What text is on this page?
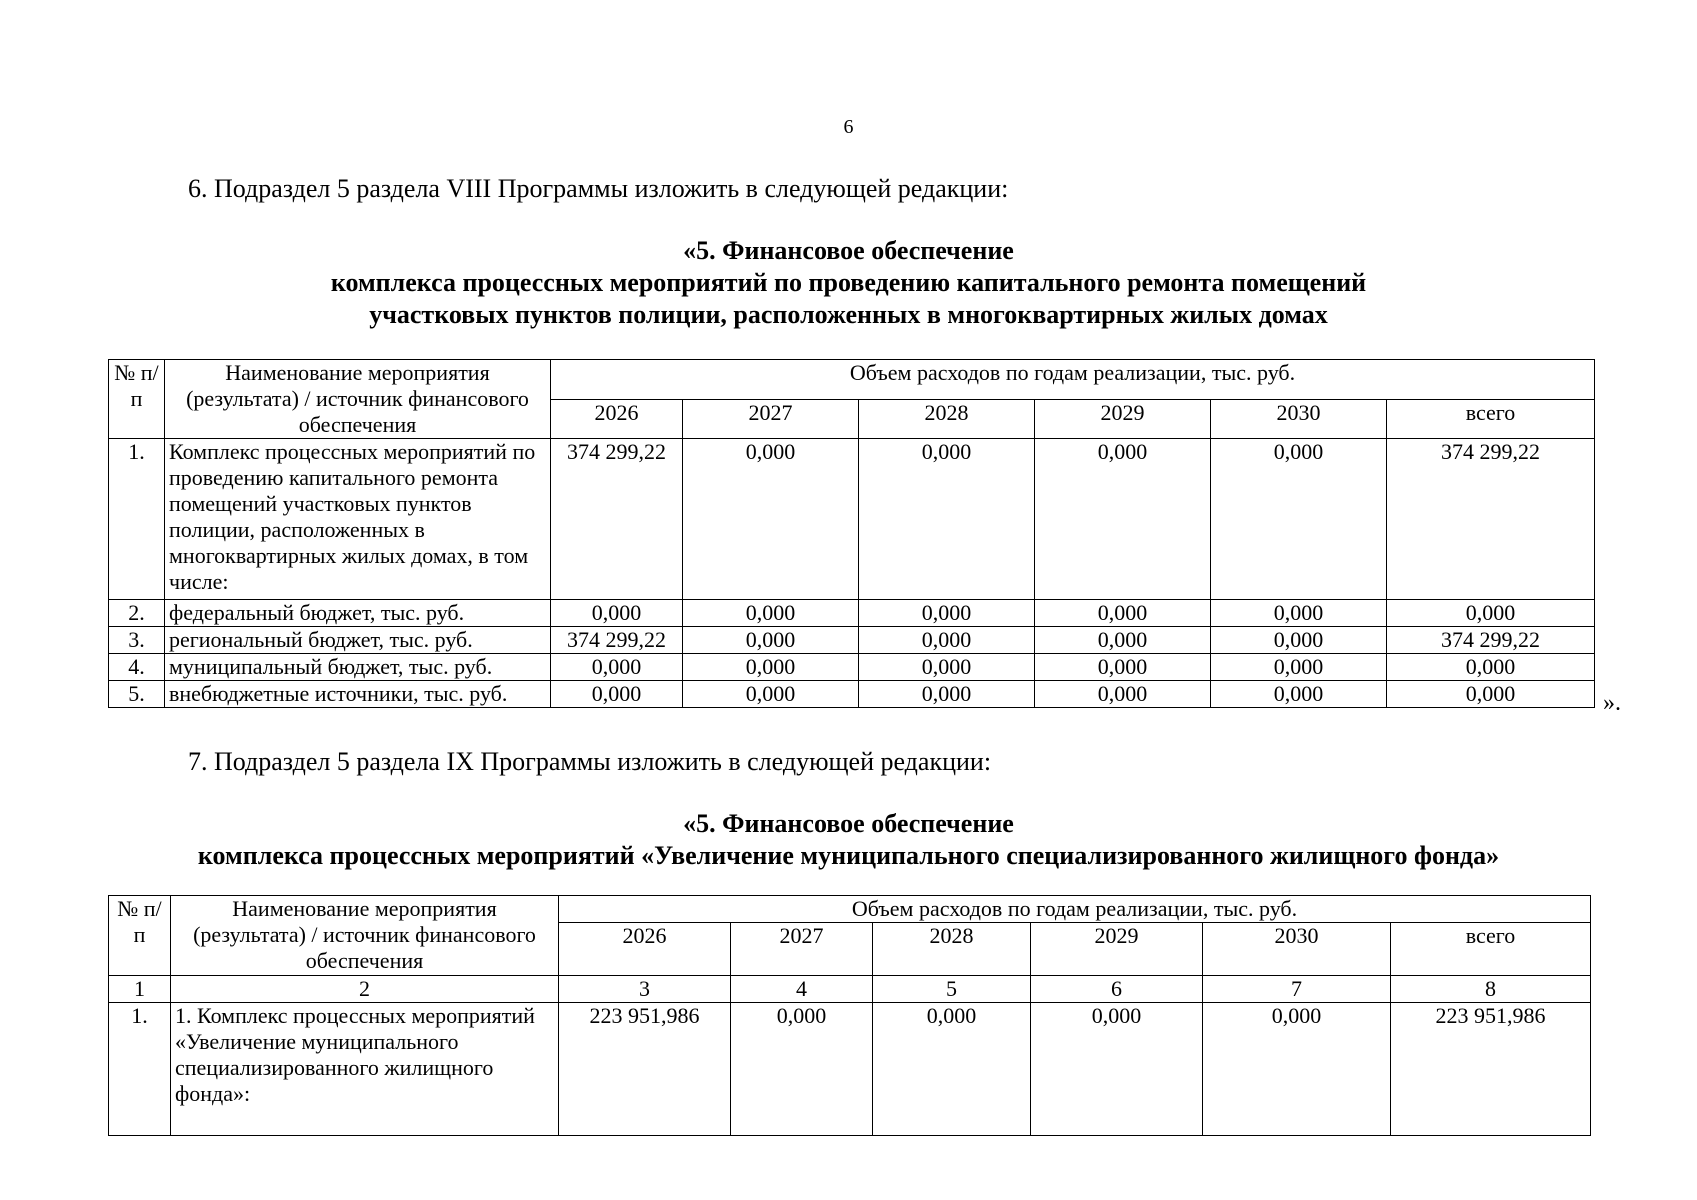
6
6. Подраздел 5 раздела VIII Программы изложить в следующей редакции:
«5. Финансовое обеспечение
комплекса процессных мероприятий по проведению капитального ремонта помещений
участковых пунктов полиции, расположенных в многоквартирных жилых домах
№ п/п	Наименование мероприятия (результата) / источник финансового обеспечения	Объем расходов по годам реализации, тыс. руб.					
		2026	2027	2028	2029	2030	всего
1.	Комплекс процессных мероприятий по проведению капитального ремонта помещений участковых пунктов полиции, расположенных в многоквартирных жилых домах, в том числе:	374 299,22	0,000	0,000	0,000	0,000	374 299,22
2.	федеральный бюджет, тыс. руб.	0,000	0,000	0,000	0,000	0,000	0,000
3.	региональный бюджет, тыс. руб.	374 299,22	0,000	0,000	0,000	0,000	374 299,22
4.	муниципальный бюджет, тыс. руб.	0,000	0,000	0,000	0,000	0,000	0,000
5.	внебюджетные источники, тыс. руб.	0,000	0,000	0,000	0,000	0,000	0,000	».
7. Подраздел 5 раздела IX Программы изложить в следующей редакции:
«5. Финансовое обеспечение
комплекса процессных мероприятий «Увеличение муниципального специализированного жилищного фонда»
№ п/п	Наименование мероприятия (результата) / источник финансового обеспечения	Объем расходов по годам реализации, тыс. руб.					
		2026	2027	2028	2029	2030	всего
1	2	3	4	5	6	7	8
1.	1. Комплекс процессных мероприятий «Увеличение муниципального специализированного жилищного фонда»:	223 951,986	0,000	0,000	0,000	0,000	223 951,986
